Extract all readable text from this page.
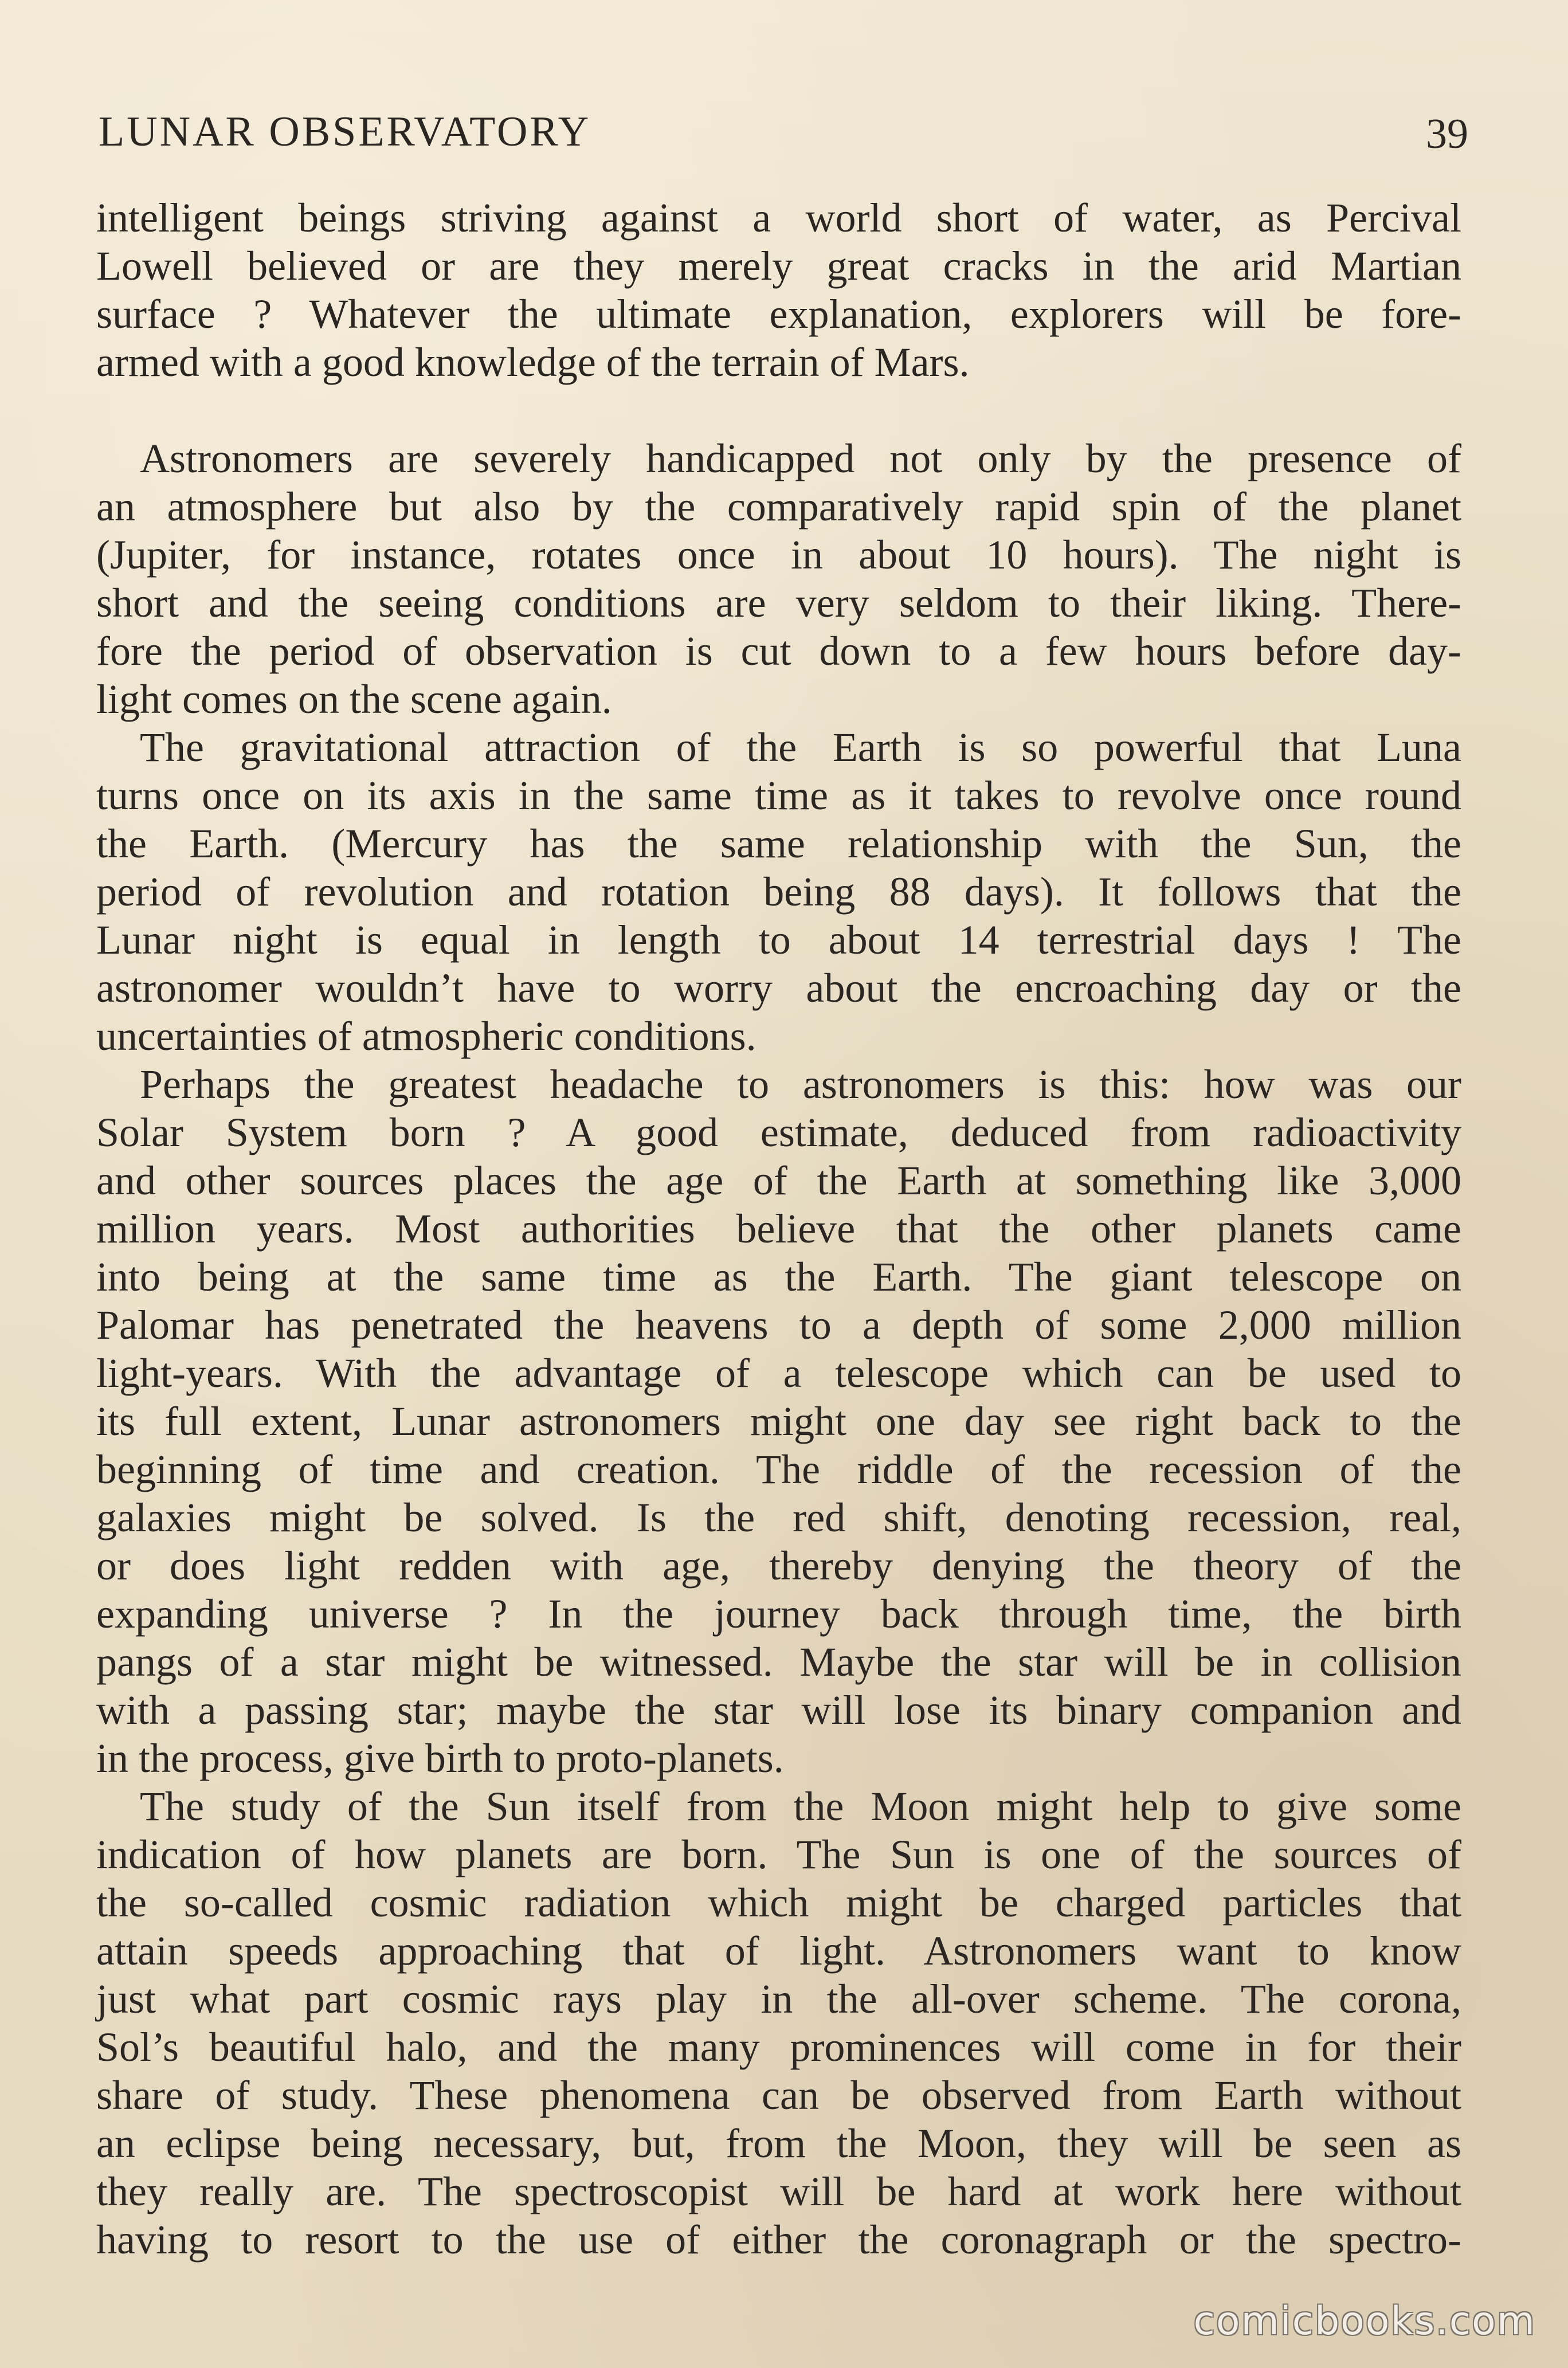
LUNAR OBSERVATORY	39
intelligent beings striving against a world short of water, as Percival
Lowell believed or are they merely great cracks in the arid Martian
surface ? Whatever the ultimate explanation, explorers will be fore-
armed with a good knowledge of the terrain of Mars.
Astronomers are severely handicapped not only by the presence of
an atmosphere but also by the comparatively rapid spin of the planet
(Jupiter, for instance, rotates once in about 10 hours). The night is
short and the seeing conditions are very seldom to their liking. There-
fore the period of observation is cut down to a few hours before day-
light comes on the scene again.
The gravitational attraction of the Earth is so powerful that Luna
turns once on its axis in the same time as it takes to revolve once round
the Earth. (Mercury has the same relationship with the Sun, the
period of revolution and rotation being 88 days). It follows that the
Lunar night is equal in length to about 14 terrestrial days ! The
astronomer wouldn’t have to worry about the encroaching day or the
uncertainties of atmospheric conditions.
Perhaps the greatest headache to astronomers is this: how was our
Solar System born ? A good estimate, deduced from radioactivity
and other sources places the age of the Earth at something like 3,000
million years. Most authorities believe that the other planets came
into being at the same time as the Earth. The giant telescope on
Palomar has penetrated the heavens to a depth of some 2,000 million
light-years. With the advantage of a telescope which can be used to
its full extent, Lunar astronomers might one day see right back to the
beginning of time and creation. The riddle of the recession of the
galaxies might be solved. Is the red shift, denoting recession, real,
or does light redden with age, thereby denying the theory of the
expanding universe ? In the journey back through time, the birth
pangs of a star might be witnessed. Maybe the star will be in collision
with a passing star; maybe the star will lose its binary companion and
in the process, give birth to proto-planets.
The study of the Sun itself from the Moon might help to give some
indication of how planets are born. The Sun is one of the sources of
the so-called cosmic radiation which might be charged particles that
attain speeds approaching that of light. Astronomers want to know
just what part cosmic rays play in the all-over scheme. The corona,
Sol’s beautiful halo, and the many prominences will come in for their
share of study. These phenomena can be observed from Earth without
an eclipse being necessary, but, from the Moon, they will be seen as
they really are. The spectroscopist will be hard at work here without
having to resort to the use of either the coronagraph or the spectro-
comicbooks.com
